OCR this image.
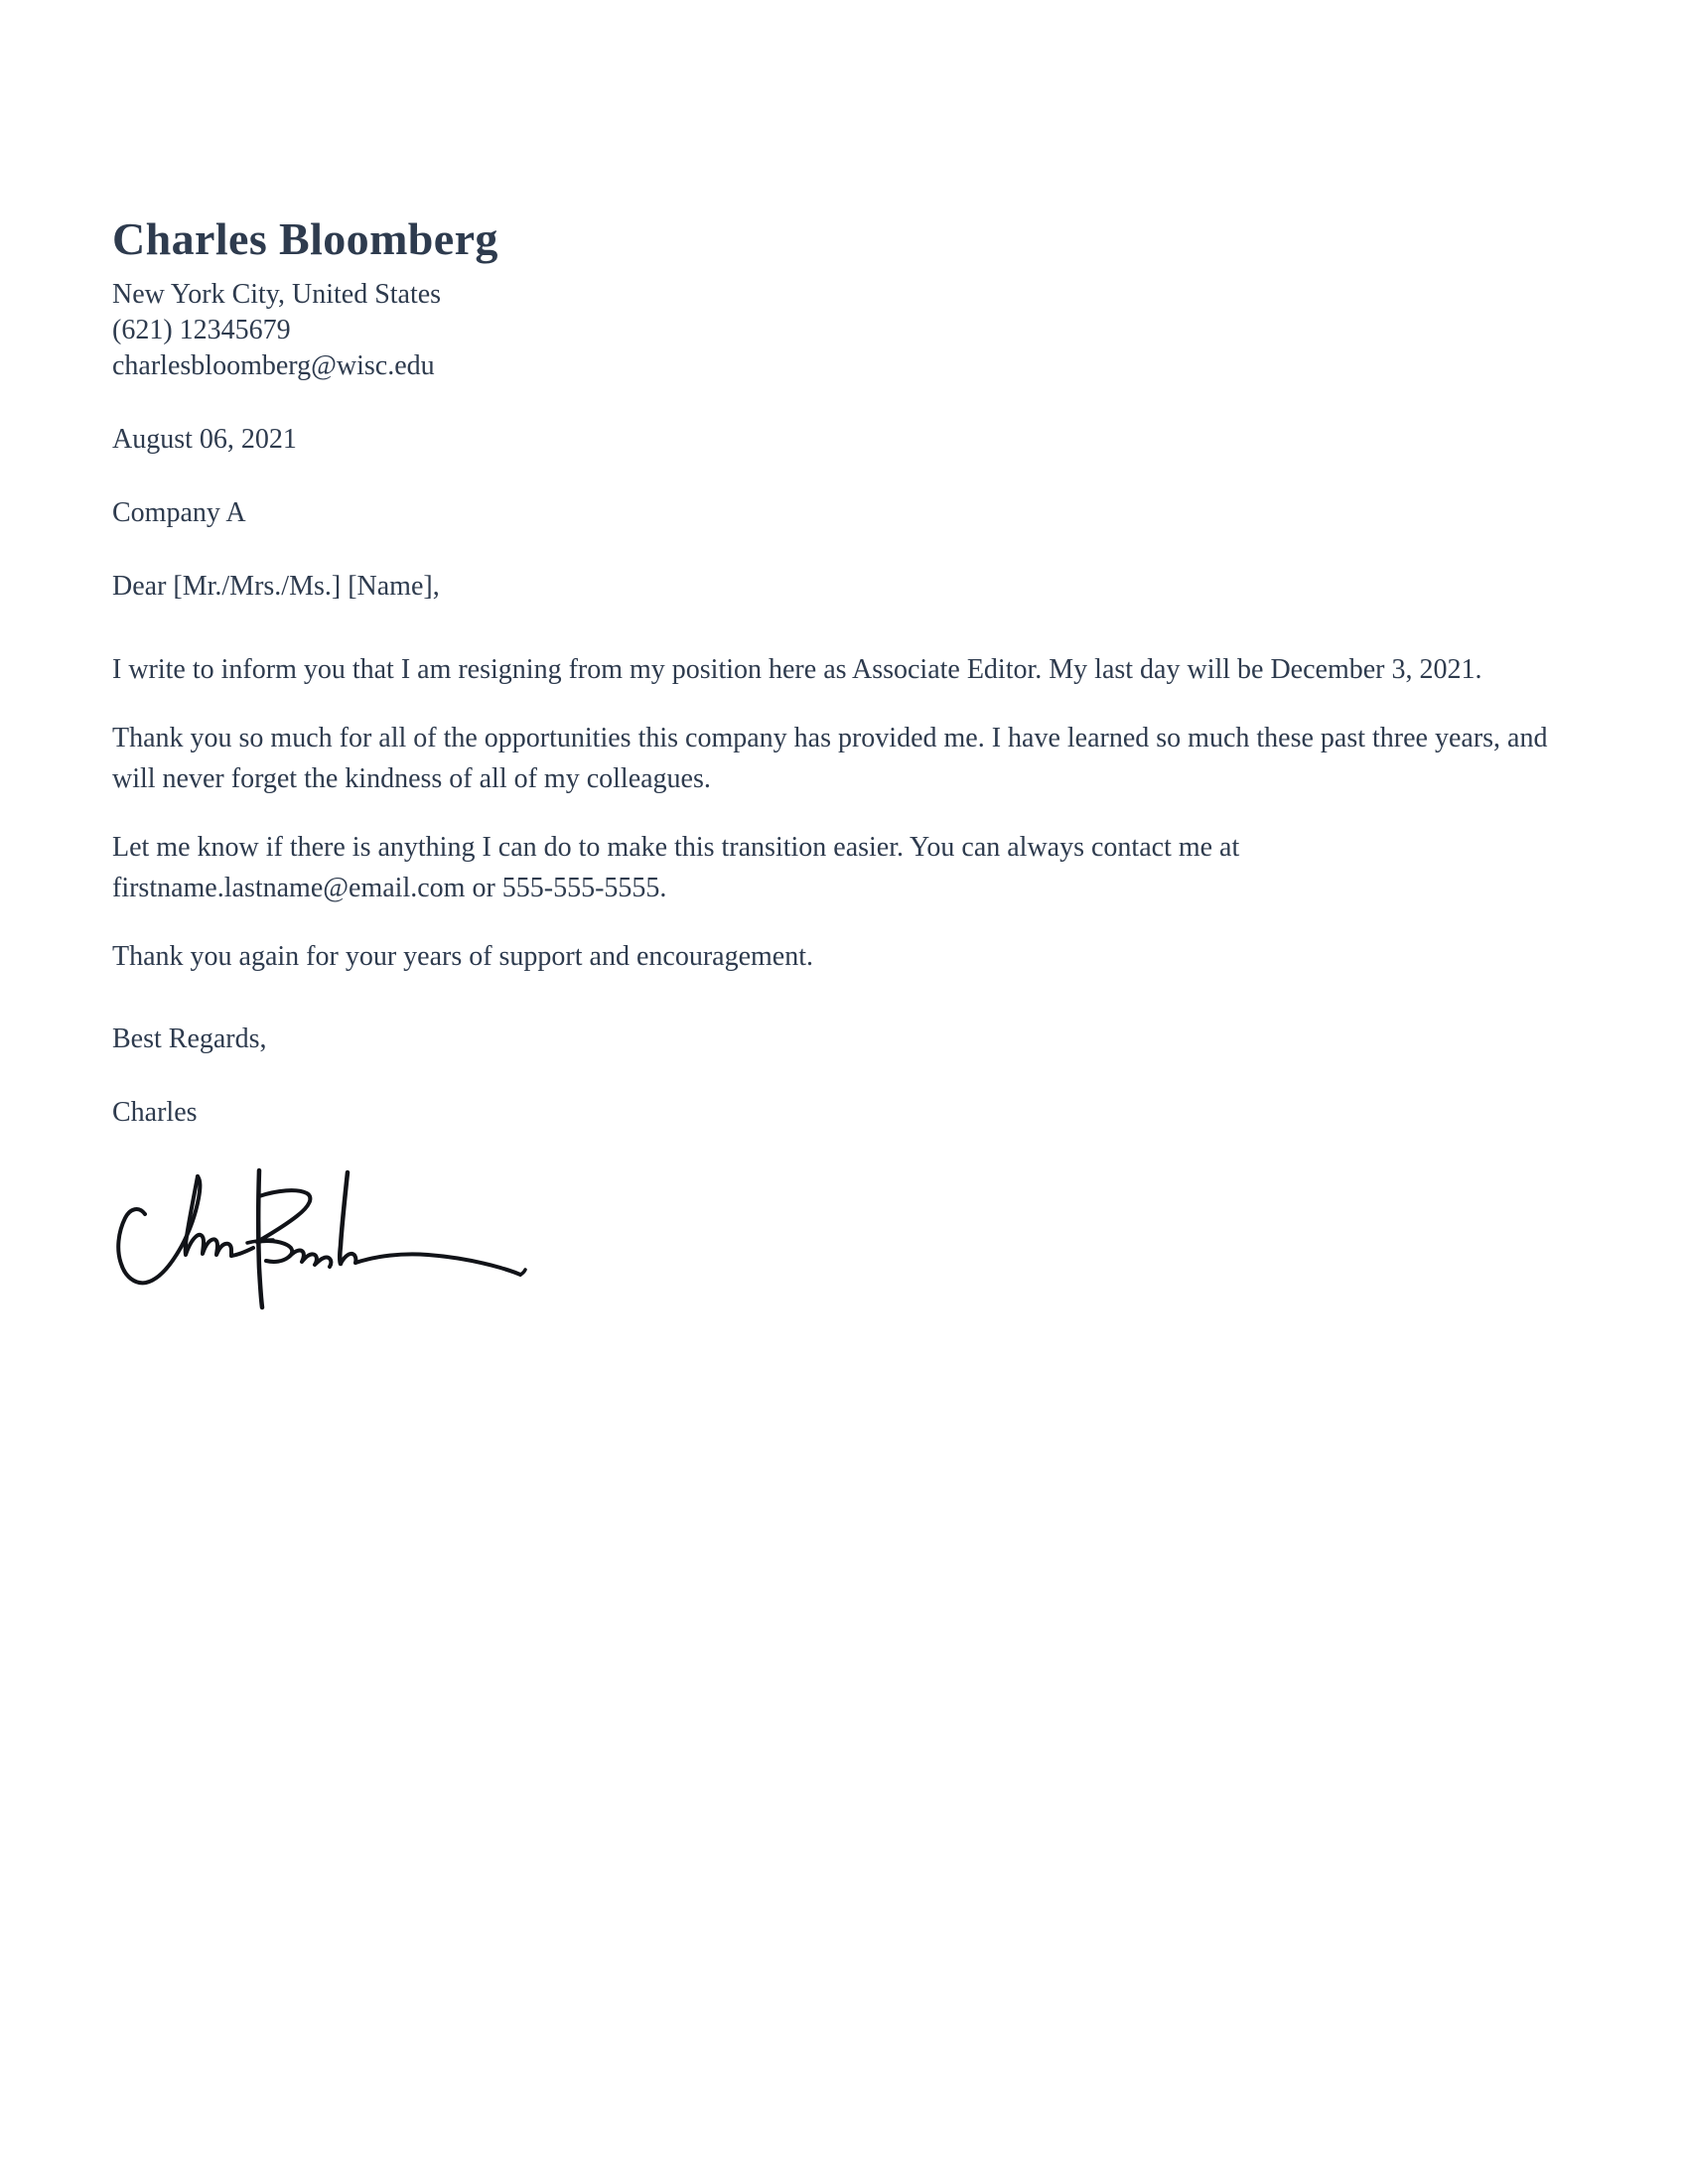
Charles Bloomberg
New York City, United States
(621) 12345679
charlesbloomberg@wisc.edu
August 06, 2021
Company A
Dear [Mr./Mrs./Ms.] [Name],

I write to inform you that I am resigning from my position here as Associate Editor. My last day will be December 3, 2021.

Thank you so much for all of the opportunities this company has provided me. I have learned so much these past three years, and will never forget the kindness of all of my colleagues.

Let me know if there is anything I can do to make this transition easier. You can always contact me at firstname.lastname@email.com or 555-555-5555.

Thank you again for your years of support and encouragement.

Best Regards,
Charles
